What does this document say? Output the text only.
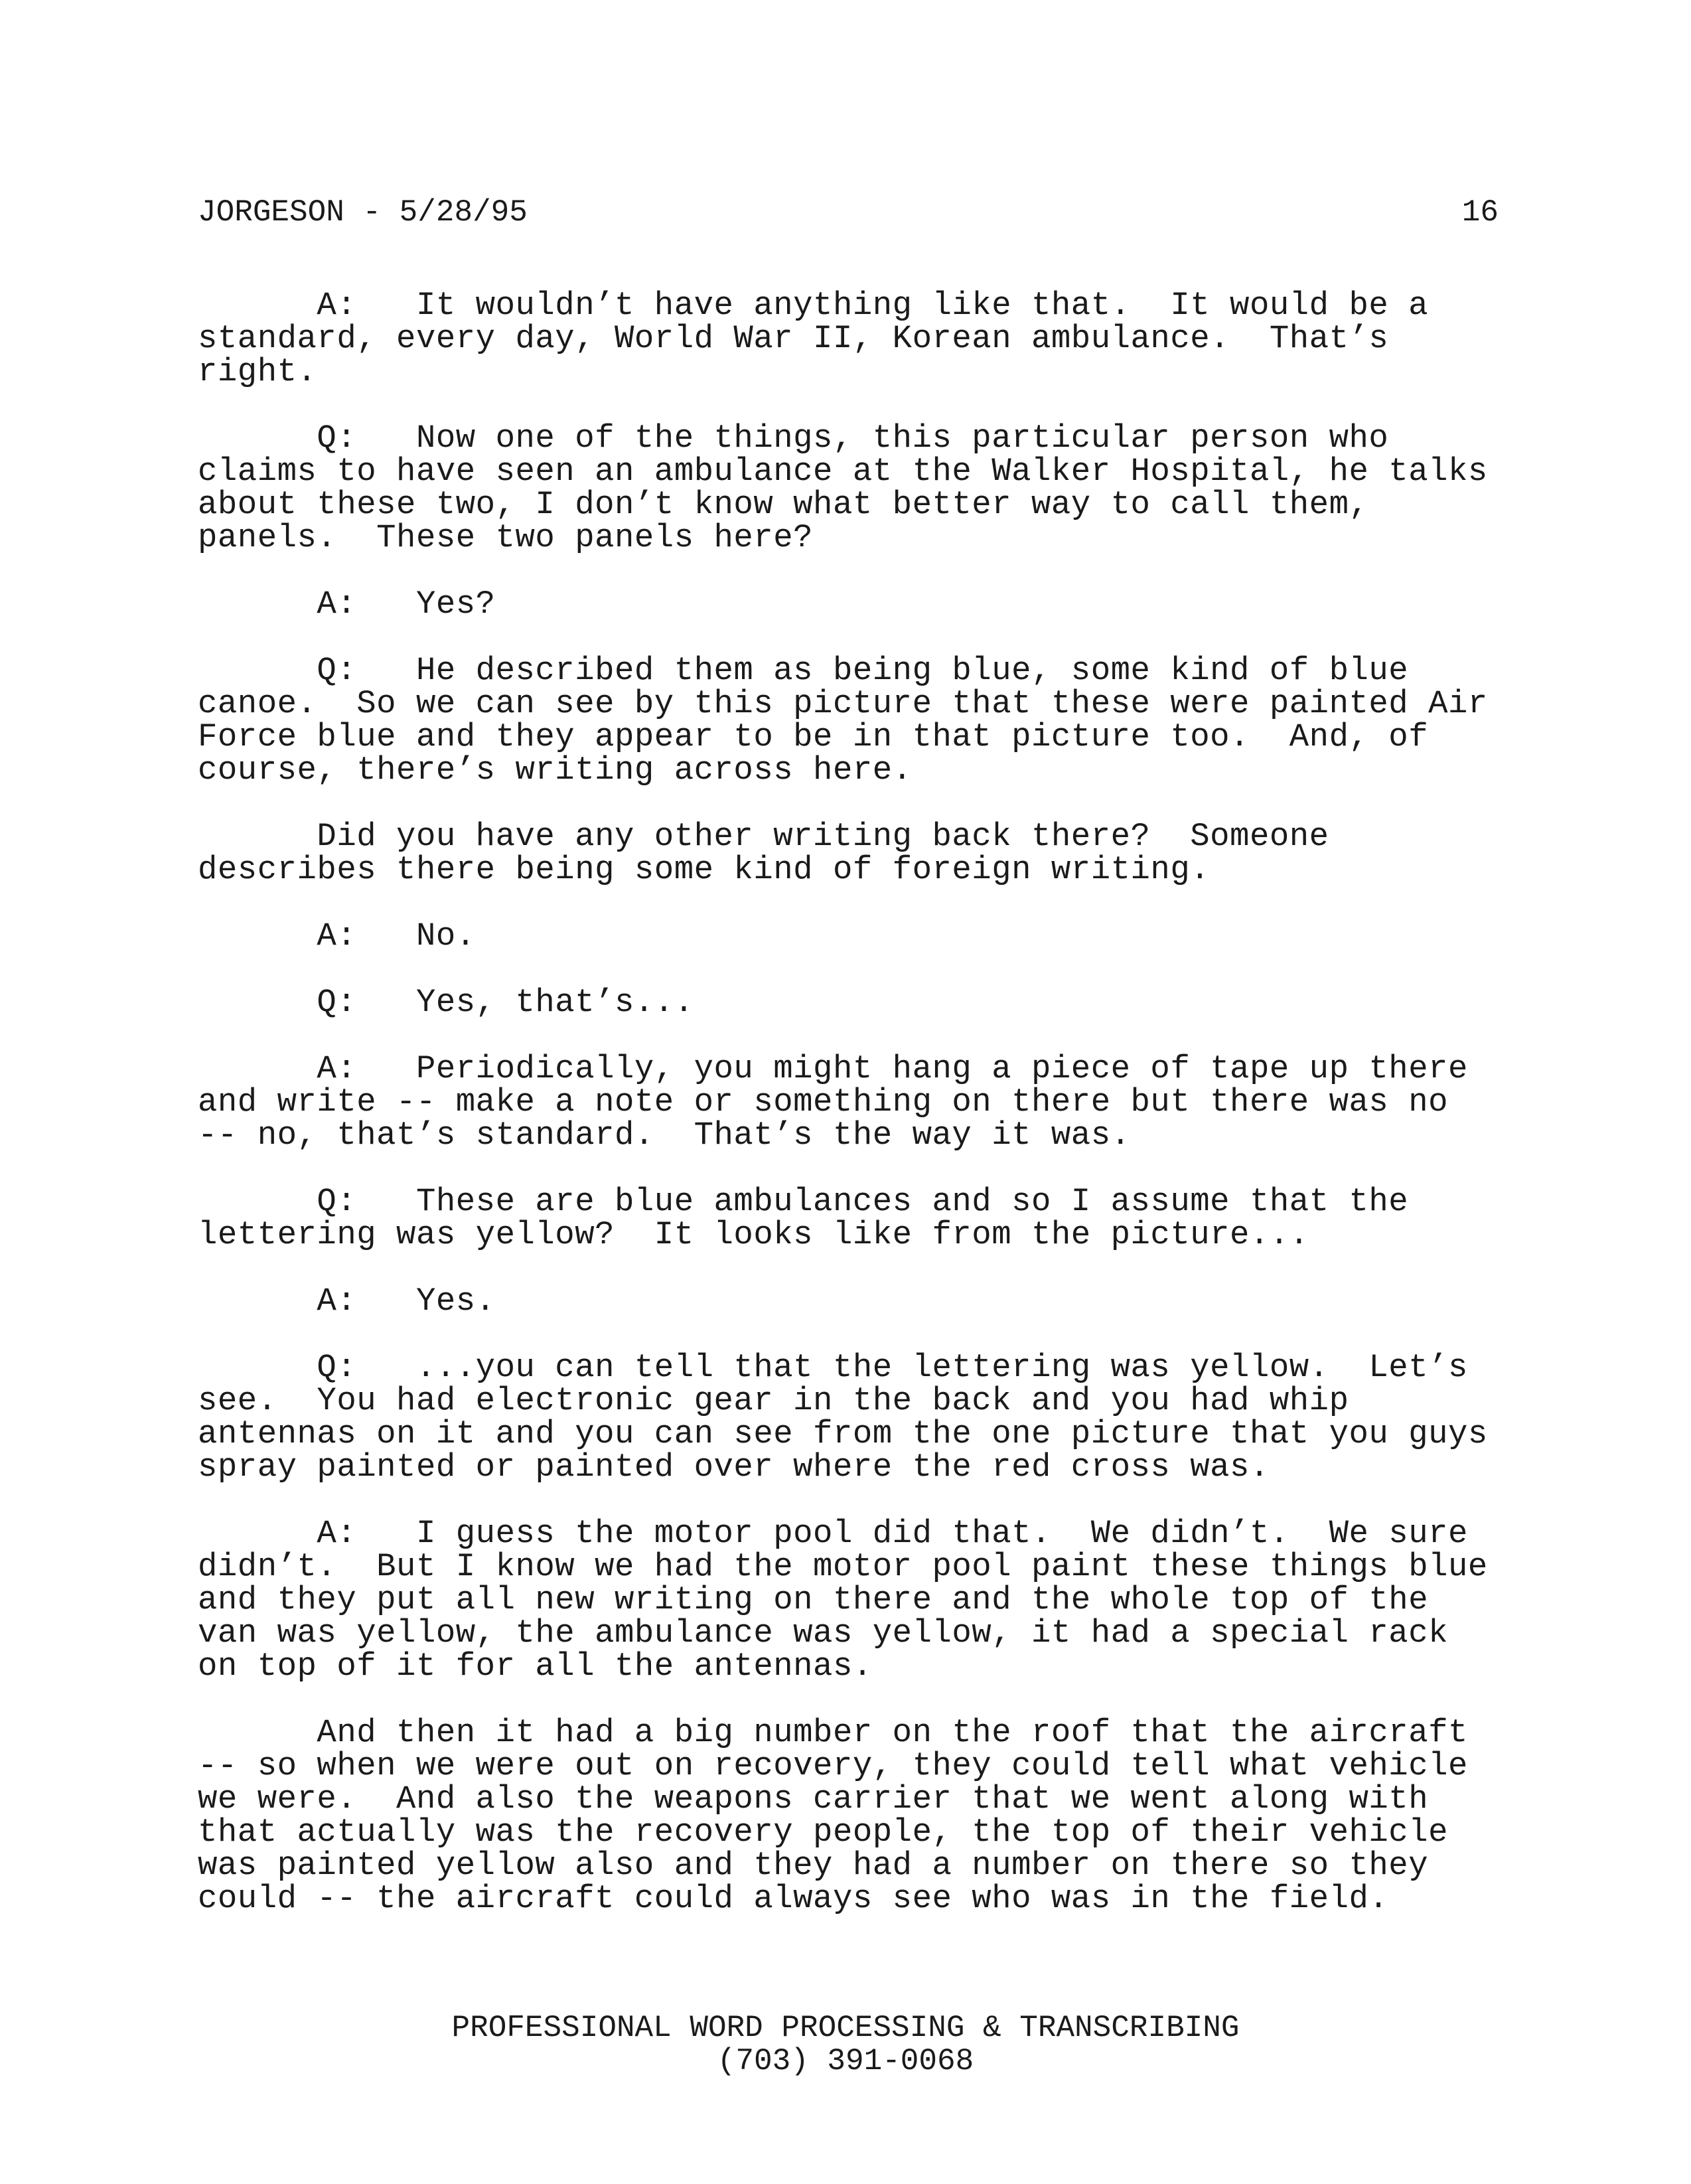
JORGESON - 5/28/95	16
A:   It wouldn’t have anything like that.  It would be a
standard, every day, World War II, Korean ambulance.  That’s
right.
Q:   Now one of the things, this particular person who
claims to have seen an ambulance at the Walker Hospital, he talks
about these two, I don’t know what better way to call them,
panels.  These two panels here?
A:   Yes?
Q:   He described them as being blue, some kind of blue
canoe.  So we can see by this picture that these were painted Air
Force blue and they appear to be in that picture too.  And, of
course, there’s writing across here.
Did you have any other writing back there?  Someone
describes there being some kind of foreign writing.
A:   No.
Q:   Yes, that’s...
A:   Periodically, you might hang a piece of tape up there
and write -- make a note or something on there but there was no
-- no, that’s standard.  That’s the way it was.
Q:   These are blue ambulances and so I assume that the
lettering was yellow?  It looks like from the picture...
A:   Yes.
Q:   ...you can tell that the lettering was yellow.  Let’s
see.  You had electronic gear in the back and you had whip
antennas on it and you can see from the one picture that you guys
spray painted or painted over where the red cross was.
A:   I guess the motor pool did that.  We didn’t.  We sure
didn’t.  But I know we had the motor pool paint these things blue
and they put all new writing on there and the whole top of the
van was yellow, the ambulance was yellow, it had a special rack
on top of it for all the antennas.
And then it had a big number on the roof that the aircraft
-- so when we were out on recovery, they could tell what vehicle
we were.  And also the weapons carrier that we went along with
that actually was the recovery people, the top of their vehicle
was painted yellow also and they had a number on there so they
could -- the aircraft could always see who was in the field.
PROFESSIONAL WORD PROCESSING & TRANSCRIBING
(703) 391-0068
